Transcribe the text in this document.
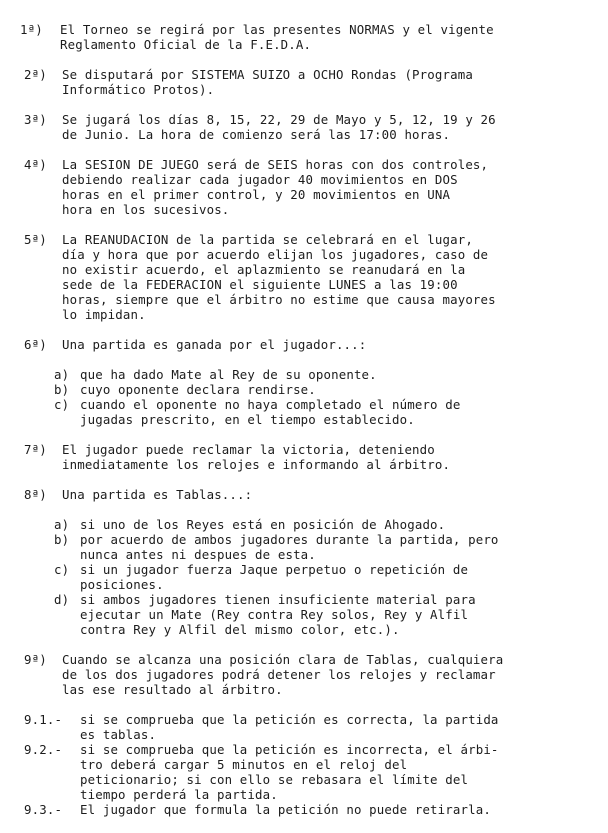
1ª) El Torneo se regirá por las presentes NORMAS y el vigente
Reglamento Oficial de la F.E.D.A.
2ª) Se disputará por SISTEMA SUIZO a OCHO Rondas (Programa
Informático Protos).
3ª) Se jugará los días 8, 15, 22, 29 de Mayo y 5, 12, 19 y 26
de Junio. La hora de comienzo será las 17:00 horas.
4ª) La SESION DE JUEGO será de SEIS horas con dos controles,
debiendo realizar cada jugador 40 movimientos en DOS
horas en el primer control, y 20 movimientos en UNA
hora en los sucesivos.
5ª) La REANUDACION de la partida se celebrará en el lugar,
día y hora que por acuerdo elijan los jugadores, caso de
no existir acuerdo, el aplazmiento se reanudará en la
sede de la FEDERACION el siguiente LUNES a las 19:00
horas, siempre que el árbitro no estime que causa mayores
lo impidan.
6ª) Una partida es ganada por el jugador...:
a) que ha dado Mate al Rey de su oponente.
b) cuyo oponente declara rendirse.
c) cuando el oponente no haya completado el número de
jugadas prescrito, en el tiempo establecido.
7ª) El jugador puede reclamar la victoria, deteniendo
inmediatamente los relojes e informando al árbitro.
8ª) Una partida es Tablas...:
a) si uno de los Reyes está en posición de Ahogado.
b) por acuerdo de ambos jugadores durante la partida, pero
nunca antes ni despues de esta.
c) si un jugador fuerza Jaque perpetuo o repetición de
posiciones.
d) si ambos jugadores tienen insuficiente material para
ejecutar un Mate (Rey contra Rey solos, Rey y Alfil
contra Rey y Alfil del mismo color, etc.).
9ª) Cuando se alcanza una posición clara de Tablas, cualquiera
de los dos jugadores podrá detener los relojes y reclamar
las ese resultado al árbitro.
9.1.- si se comprueba que la petición es correcta, la partida
es tablas.
9.2.- si se comprueba que la petición es incorrecta, el árbi-
tro deberá cargar 5 minutos en el reloj del
peticionario; si con ello se rebasara el límite del
tiempo perderá la partida.
9.3.- El jugador que formula la petición no puede retirarla.
